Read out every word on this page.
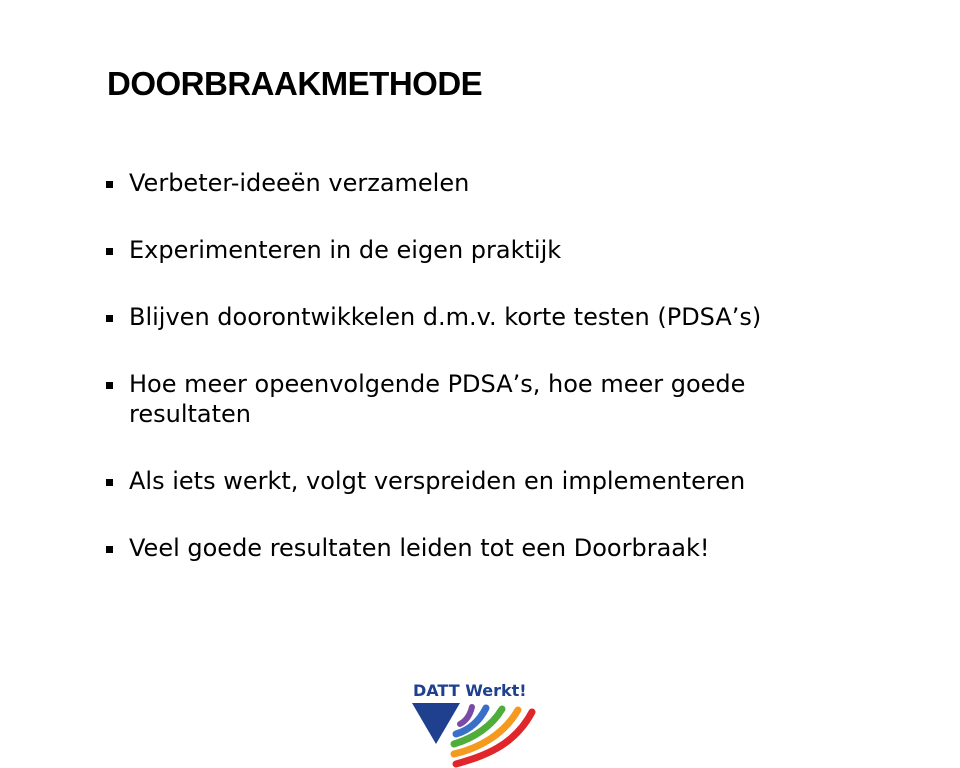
DOORBRAAKMETHODE
Verbeter-ideeën verzamelen
Experimenteren in de eigen praktijk
Blijven doorontwikkelen d.m.v. korte testen (PDSA’s)
Hoe meer opeenvolgende PDSA’s, hoe meer goede resultaten
Als iets werkt, volgt verspreiden en implementeren
Veel goede resultaten leiden tot een Doorbraak!
DATT Werkt!
